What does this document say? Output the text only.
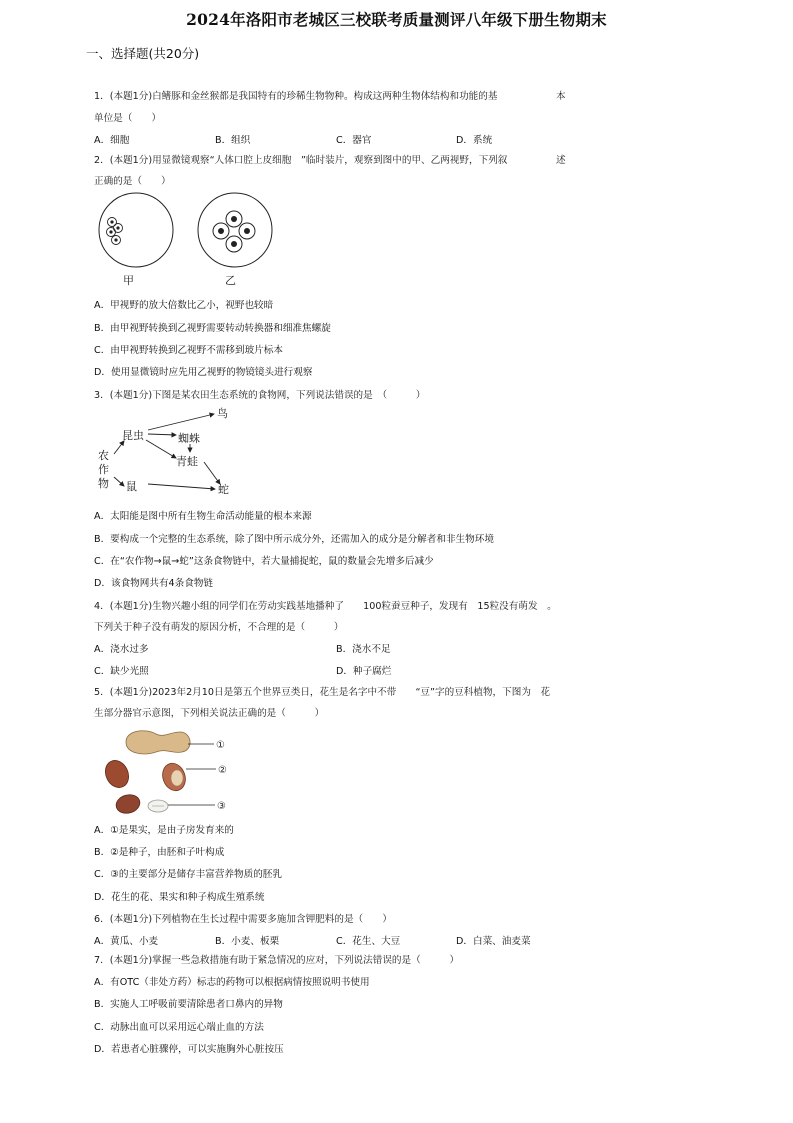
2024年洛阳市老城区三校联考质量测评八年级下册生物期末
一、选择题(共20分)
1．(本题1分)白鳍豚和金丝猴都是我国特有的珍稀生物物种。构成这两种生物体结构和功能的基	本
单位是（　　）
A．细胞	B．组织	C．器官	D．系统
2．(本题1分)用显微镜观察“人体口腔上皮细胞　”临时装片，观察到图中的甲、乙两视野，下列叙	述
正确的是（　　）
甲	乙
A．甲视野的放大倍数比乙小，视野也较暗
B．由甲视野转换到乙视野需要转动转换器和细准焦螺旋
C．由甲视野转换到乙视野不需移到玻片标本
D．使用显微镜时应先用乙视野的物镜镜头进行观察
3．(本题1分)下图是某农田生态系统的食物网，下列说法错误的是　（　　　）
农
作
物
昆虫
鸟
蜘蛛
青蛙
鼠	蛇
A．太阳能是图中所有生物生命活动能量的根本来源
B．要构成一个完整的生态系统，除了图中所示成分外，还需加入的成分是分解者和非生物环境
C．在“农作物→鼠→蛇”这条食物链中，若大量捕捉蛇，鼠的数量会先增多后减少
D．该食物网共有4条食物链
4．(本题1分)生物兴趣小组的同学们在劳动实践基地播种了　　100粒蚕豆种子，发现有　15粒没有萌发　。
下列关于种子没有萌发的原因分析，不合理的是（　　　）
A．浇水过多	B．浇水不足
C．缺少光照	D．种子腐烂
5．(本题1分)2023年2月10日是第五个世界豆类日，花生是名字中不带　　“豆”字的豆科植物，下图为　花
生部分器官示意图，下列相关说法正确的是（　　　）
①
②
③
A．①是果实，是由子房发育来的
B．②是种子，由胚和子叶构成
C．③的主要部分是储存丰富营养物质的胚乳
D．花生的花、果实和种子构成生殖系统
6．(本题1分)下列植物在生长过程中需要多施加含钾肥料的是（　　）
A．黄瓜、小麦	B．小麦、板栗	C．花生、大豆	D．白菜、油麦菜
7．(本题1分)掌握一些急救措施有助于紧急情况的应对，下列说法错误的是（　　　）
A．有OTC（非处方药）标志的药物可以根据病情按照说明书使用
B．实施人工呼吸前要清除患者口鼻内的异物
C．动脉出血可以采用远心端止血的方法
D．若患者心脏骤停，可以实施胸外心脏按压
